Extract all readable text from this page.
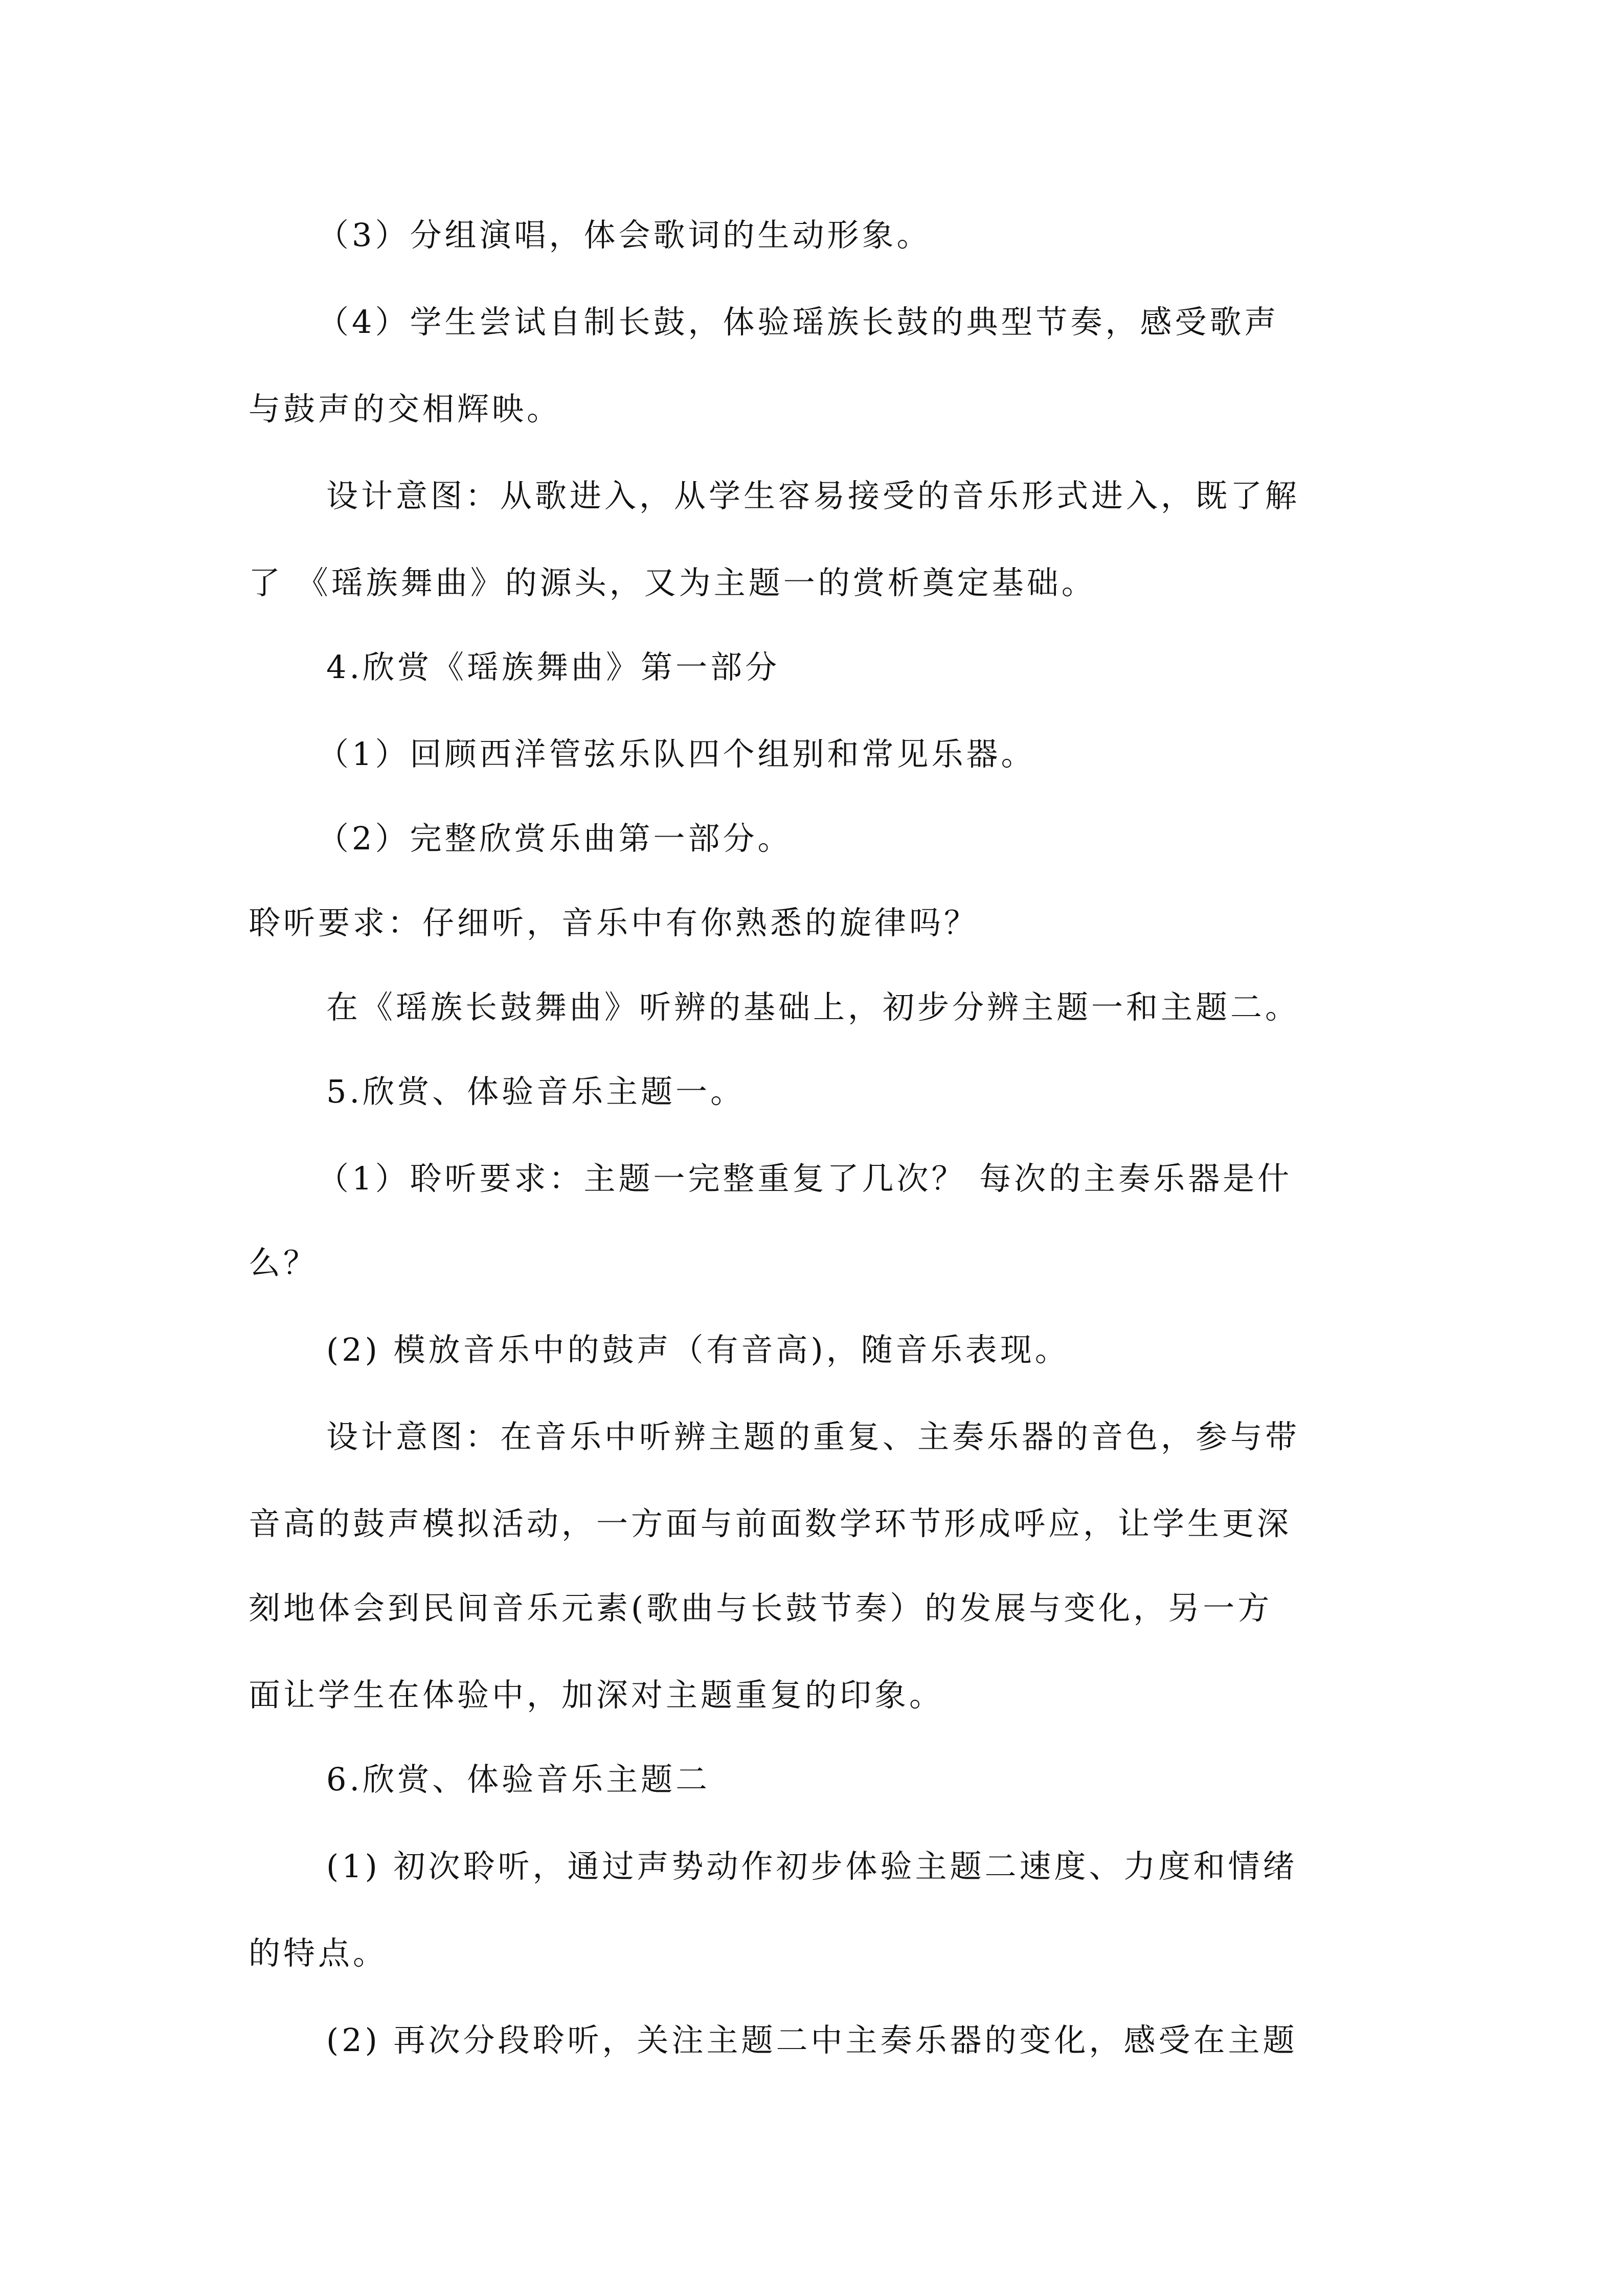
（3）分组演唱，体会歌词的生动形象。
（4）学生尝试自制长鼓，体验瑶族长鼓的典型节奏，感受歌声
与鼓声的交相辉映。
设计意图：从歌进入，从学生容易接受的音乐形式进入，既了解
了 《瑶族舞曲》的源头，又为主题一的赏析奠定基础。
4.欣赏《瑶族舞曲》第一部分
（1）回顾西洋管弦乐队四个组别和常见乐器。
（2）完整欣赏乐曲第一部分。
聆听要求：仔细听，音乐中有你熟悉的旋律吗？
在《瑶族长鼓舞曲》听辨的基础上，初步分辨主题一和主题二。
5.欣赏、体验音乐主题一。
（1）聆听要求：主题一完整重复了几次？ 每次的主奏乐器是什
么？
(2) 模放音乐中的鼓声（有音高)，随音乐表现。
设计意图：在音乐中听辨主题的重复、主奏乐器的音色，参与带
音高的鼓声模拟活动，一方面与前面数学环节形成呼应，让学生更深
刻地体会到民间音乐元素(歌曲与长鼓节奏）的发展与变化，另一方
面让学生在体验中，加深对主题重复的印象。
6.欣赏、体验音乐主题二
(1) 初次聆听，通过声势动作初步体验主题二速度、力度和情绪
的特点。
(2) 再次分段聆听，关注主题二中主奏乐器的变化，感受在主题
